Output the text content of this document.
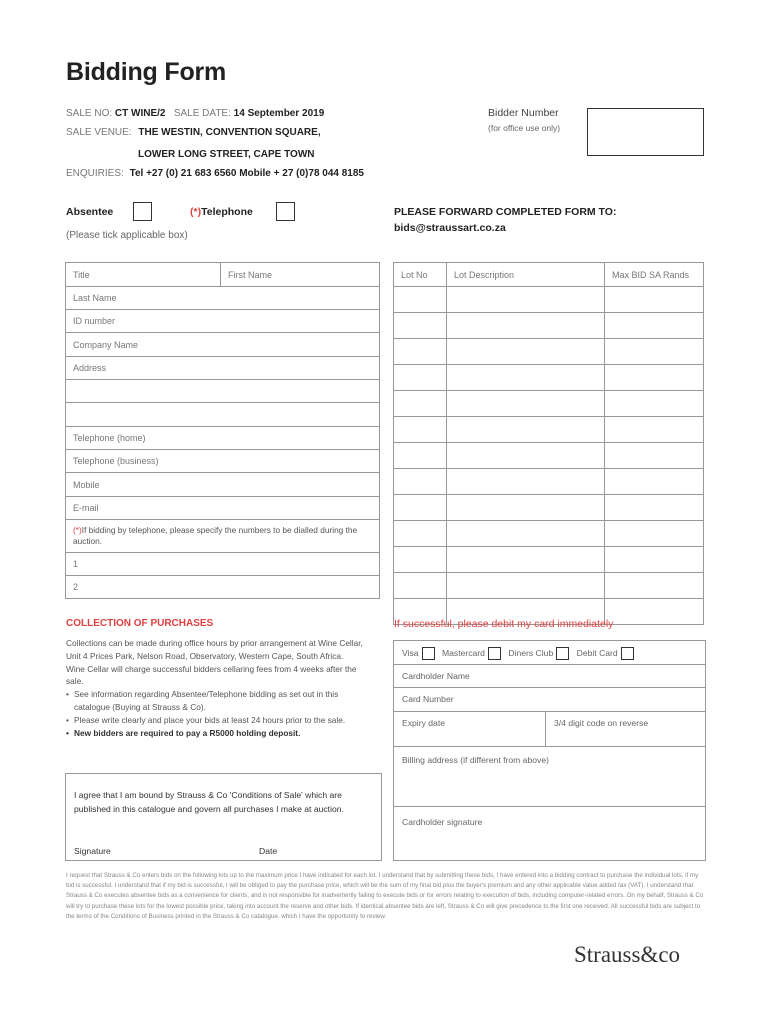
Bidding Form
SALE NO: CT WINE/2 SALE DATE: 14 September 2019
SALE VENUE: THE WESTIN, CONVENTION SQUARE,
LOWER LONG STREET, CAPE TOWN
ENQUIRIES: Tel +27 (0) 21 683 6560 Mobile + 27 (0)78 044 8185
Bidder Number
(for office use only)
Absentee	(*)Telephone
(Please tick applicable box)
PLEASE FORWARD COMPLETED FORM TO:
bids@straussart.co.za
Title	First Name
Last Name
ID number
Company Name
Address

Telephone (home)
Telephone (business)
Mobile
E-mail
(*)If bidding by telephone, please specify the numbers to be dialled during the auction.
1
2
Lot No	Lot Description	Max BID SA Rands

COLLECTION OF PURCHASES
Collections can be made during office hours by prior arrangement at Wine Cellar, Unit 4 Prices Park, Nelson Road, Observatory, Western Cape, South Africa. Wine Cellar will charge successful bidders cellaring fees from 4 weeks after the sale.
• See information regarding Absentee/Telephone bidding as set out in this catalogue (Buying at Strauss & Co).
• Please write clearly and place your bids at least 24 hours prior to the sale.
• New bidders are required to pay a R5000 holding deposit.
I agree that I am bound by Strauss & Co 'Conditions of Sale' which are published in this catalogue and govern all purchases I make at auction.
Signature	Date
If successful, please debit my card immediately
Visa	Mastercard	Diners Club	Debit Card
Cardholder Name
Card Number
Expiry date	3/4 digit code on reverse
Billing address (if different from above)
Cardholder signature
I request that Strauss & Co enters bids on the following lots up to the maximum price I have indicated for each lot. I understand that by submitting these bids, I have entered into a bidding contract to purchase the individual lots, if my bid is successful. I understand that if my bid is successful, I will be obliged to pay the purchase price, which will be the sum of my final bid plus the buyer's premium and any other applicable value added tax (VAT). I understand that Strauss & Co executes absentee bids as a convenience for clients, and is not responsible for inadvertently failing to execute bids or for errors relating to execution of bids, including computer-related errors. On my behalf, Strauss & Co will try to purchase these lots for the lowest possible price, taking into account the reserve and other bids. If identical absentee bids are left, Strauss & Co will give precedence to the first one received. All successful bids are subject to the terms of the Conditions of Business printed in the Strauss & Co catalogue, which I have the opportunity to review.
Strauss&co
